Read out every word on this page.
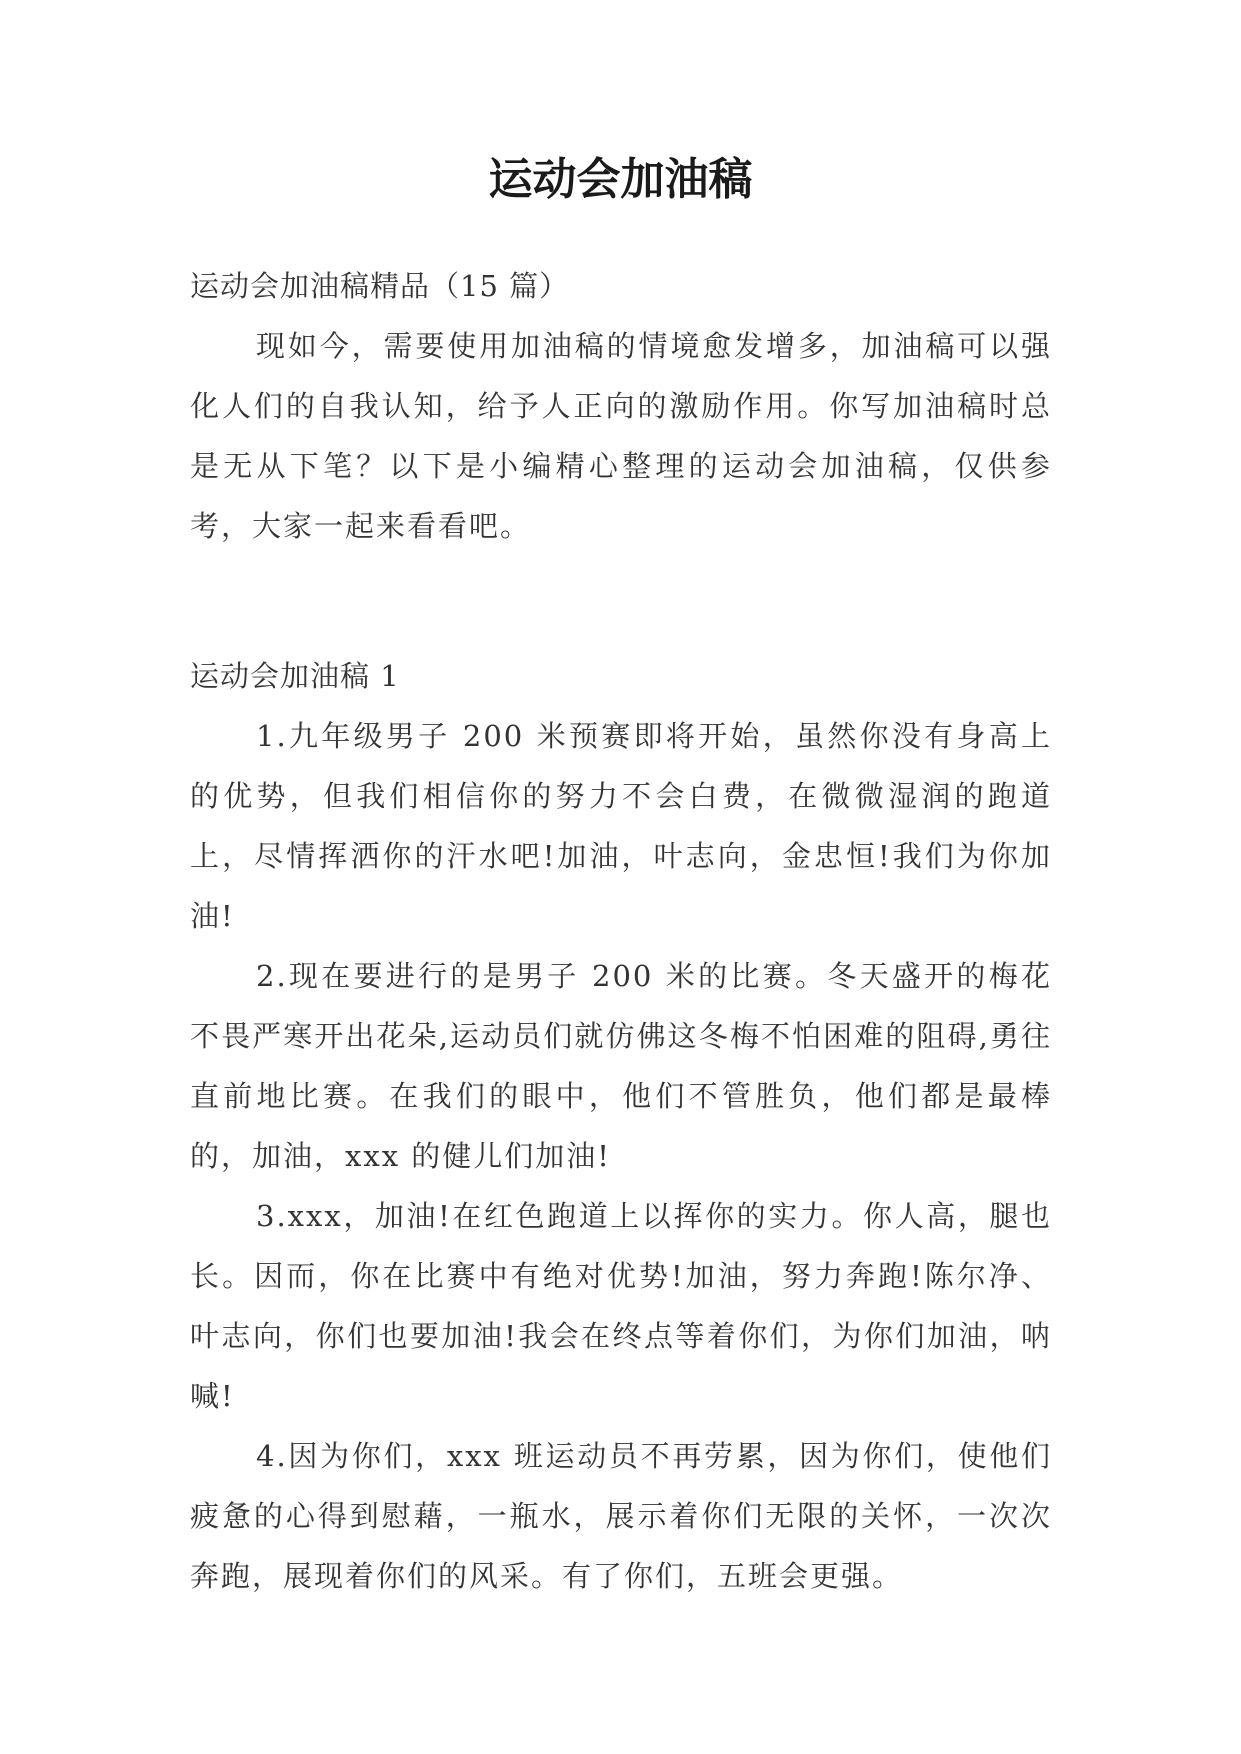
运动会加油稿

运动会加油稿精品（15 篇）

现如今，需要使用加油稿的情境愈发增多，加油稿可以强化人们的自我认知，给予人正向的激励作用。你写加油稿时总是无从下笔？以下是小编精心整理的运动会加油稿，仅供参考，大家一起来看看吧。

运动会加油稿 1

1.九年级男子 200 米预赛即将开始，虽然你没有身高上的优势，但我们相信你的努力不会白费，在微微湿润的跑道上，尽情挥洒你的汗水吧!加油，叶志向，金忠恒!我们为你加油!

2.现在要进行的是男子 200 米的比赛。冬天盛开的梅花不畏严寒开出花朵,运动员们就仿佛这冬梅不怕困难的阻碍,勇往直前地比赛。在我们的眼中，他们不管胜负，他们都是最棒的，加油，xxx 的健儿们加油!

3.xxx，加油!在红色跑道上以挥你的实力。你人高，腿也长。因而，你在比赛中有绝对优势!加油，努力奔跑!陈尔净、叶志向，你们也要加油!我会在终点等着你们，为你们加油，呐喊!

4.因为你们，xxx 班运动员不再劳累，因为你们，使他们疲惫的心得到慰藉，一瓶水，展示着你们无限的关怀，一次次奔跑，展现着你们的风采。有了你们，五班会更强。
